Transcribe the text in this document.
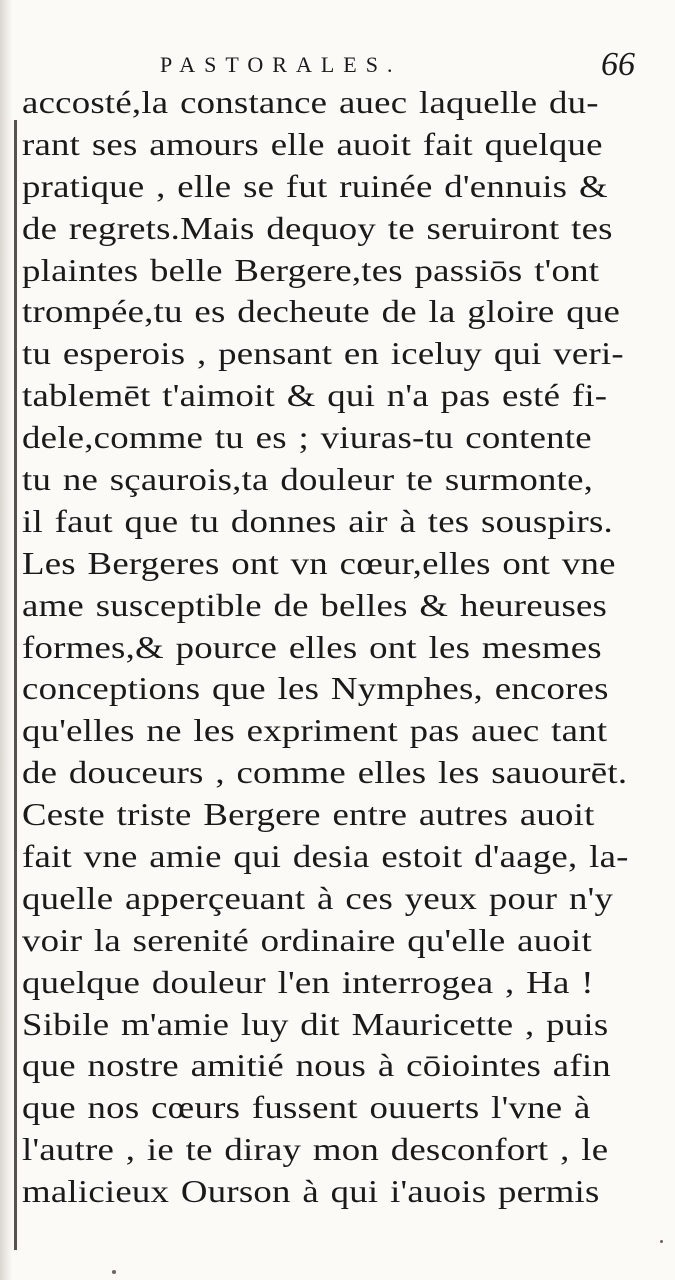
PASTORALES.	66
accosté,la constance auec laquelle du-
rant ses amours elle auoit fait quelque
pratique , elle se fut ruinée d'ennuis &
de regrets.Mais dequoy te seruiront tes
plaintes belle Bergere,tes passiōs t'ont
trompée,tu es decheute de la gloire que
tu esperois , pensant en iceluy qui veri-
tablemēt t'aimoit & qui n'a pas esté fi-
dele,comme tu es ; viuras-tu contente
tu ne sçaurois,ta douleur te surmonte,
il faut que tu donnes air à tes souspirs.
Les Bergeres ont vn cœur,elles ont vne
ame susceptible de belles & heureuses
formes,& pource elles ont les mesmes
conceptions que les Nymphes, encores
qu'elles ne les expriment pas auec tant
de douceurs , comme elles les sauourēt.
Ceste triste Bergere entre autres auoit
fait vne amie qui desia estoit d'aage, la-
quelle apperçeuant à ces yeux pour n'y
voir la serenité ordinaire qu'elle auoit
quelque douleur l'en interrogea , Ha !
Sibile m'amie luy dit Mauricette , puis
que nostre amitié nous à cōiointes afin
que nos cœurs fussent ouuerts l'vne à
l'autre , ie te diray mon desconfort , le
malicieux Ourson à qui i'auois permis
